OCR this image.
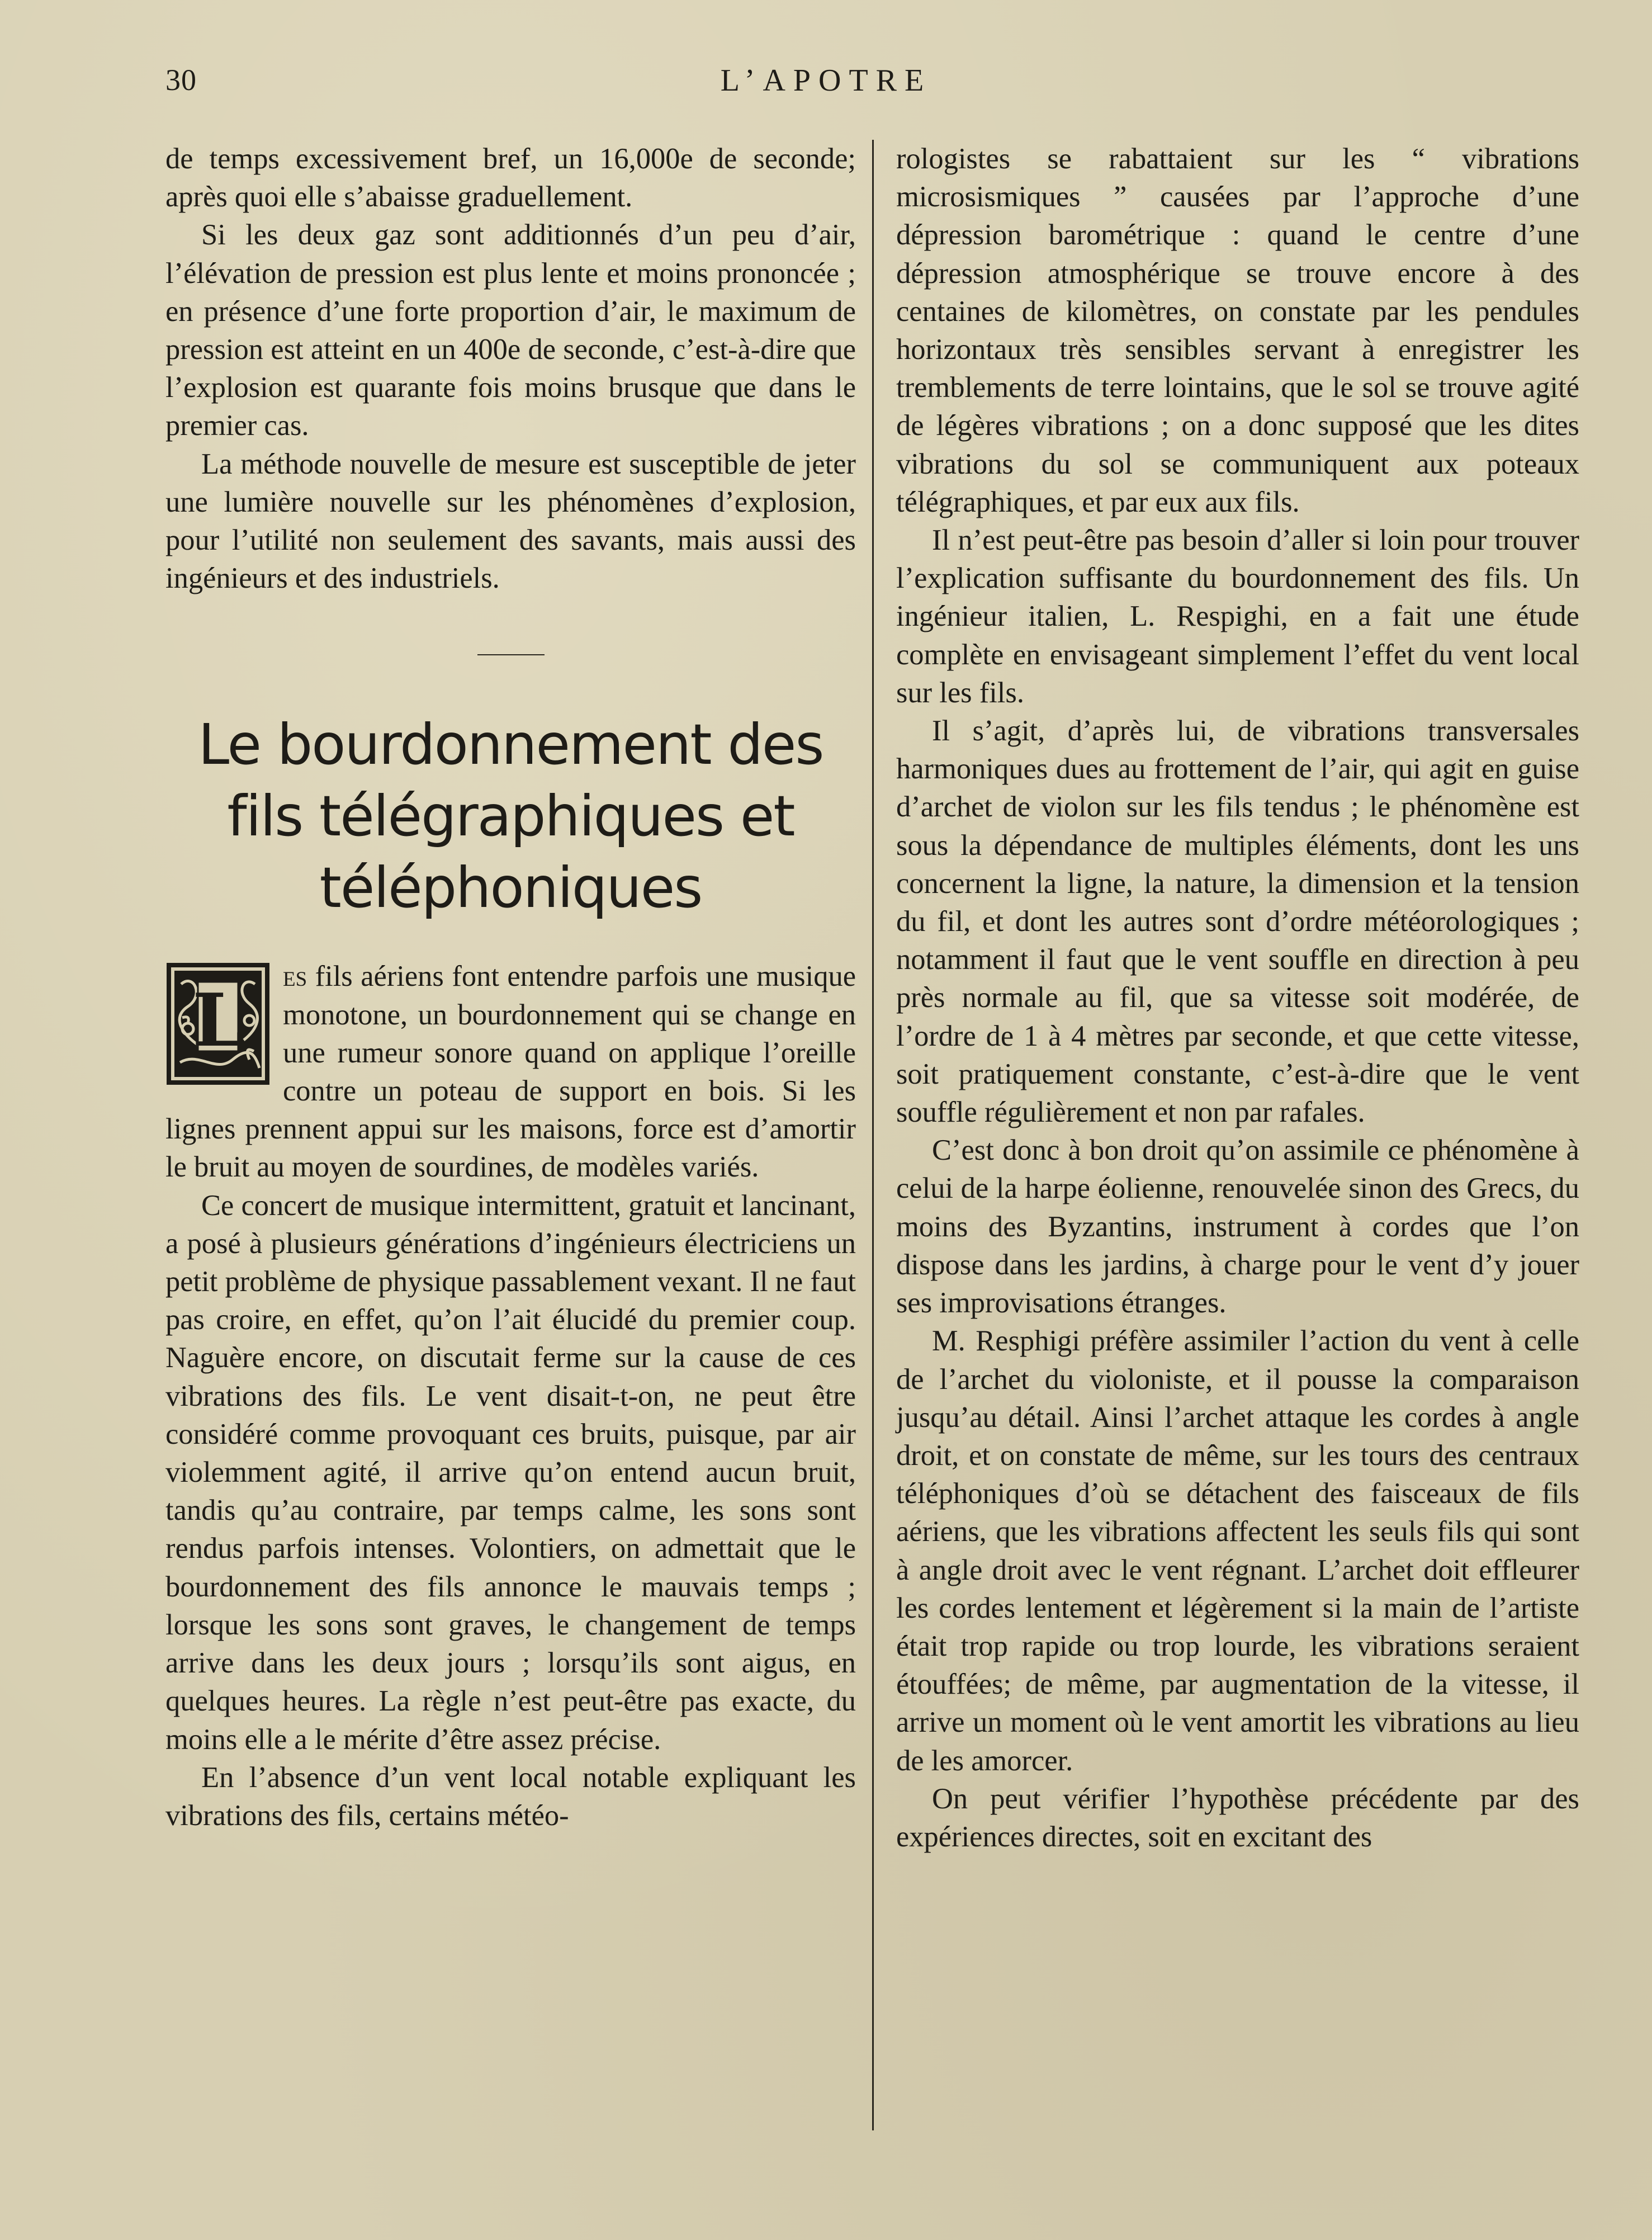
30	L’APOTRE

de temps excessivement bref, un 16,000e de seconde; après quoi elle s’abaisse graduellement.

Si les deux gaz sont additionnés d’un peu d’air, l’élévation de pression est plus lente et moins prononcée ; en présence d’une forte proportion d’air, le maximum de pression est atteint en un 400e de seconde, c’est-à-dire que l’explosion est quarante fois moins brusque que dans le premier cas.

La méthode nouvelle de mesure est susceptible de jeter une lumière nouvelle sur les phénomènes d’explosion, pour l’utilité non seulement des savants, mais aussi des ingénieurs et des industriels.

Le bourdonnement des fils télégraphiques et téléphoniques

L
es fils aériens font entendre parfois une musique monotone, un bourdonnement qui se change en une rumeur sonore quand on applique l’oreille contre un poteau de support en bois. Si les lignes prennent appui sur les maisons, force est d’amortir le bruit au moyen de sourdines, de modèles variés.

Ce concert de musique intermittent, gratuit et lancinant, a posé à plusieurs générations d’ingénieurs électriciens un petit problème de physique passablement vexant. Il ne faut pas croire, en effet, qu’on l’ait élucidé du premier coup. Naguère encore, on discutait ferme sur la cause de ces vibrations des fils. Le vent disait-t-on, ne peut être considéré comme provoquant ces bruits, puisque, par air violemment agité, il arrive qu’on entend aucun bruit, tandis qu’au contraire, par temps calme, les sons sont rendus parfois intenses. Volontiers, on admettait que le bourdonnement des fils annonce le mauvais temps ; lorsque les sons sont graves, le changement de temps arrive dans les deux jours ; lorsqu’ils sont aigus, en quelques heures. La règle n’est peut-être pas exacte, du moins elle a le mérite d’être assez précise.

En l’absence d’un vent local notable expliquant les vibrations des fils, certains météo-

rologistes se rabattaient sur les “ vibrations microsismiques ” causées par l’approche d’une dépression barométrique : quand le centre d’une dépression atmosphérique se trouve encore à des centaines de kilomètres, on constate par les pendules horizontaux très sensibles servant à enregistrer les tremblements de terre lointains, que le sol se trouve agité de légères vibrations ; on a donc supposé que les dites vibrations du sol se communiquent aux poteaux télégraphiques, et par eux aux fils.

Il n’est peut-être pas besoin d’aller si loin pour trouver l’explication suffisante du bourdonnement des fils. Un ingénieur italien, L. Respighi, en a fait une étude complète en envisageant simplement l’effet du vent local sur les fils.

Il s’agit, d’après lui, de vibrations transversales harmoniques dues au frottement de l’air, qui agit en guise d’archet de violon sur les fils tendus ; le phénomène est sous la dépendance de multiples éléments, dont les uns concernent la ligne, la nature, la dimension et la tension du fil, et dont les autres sont d’ordre météorologiques ; notamment il faut que le vent souffle en direction à peu près normale au fil, que sa vitesse soit modérée, de l’ordre de 1 à 4 mètres par seconde, et que cette vitesse, soit pratiquement constante, c’est-à-dire que le vent souffle régulièrement et non par rafales.

C’est donc à bon droit qu’on assimile ce phénomène à celui de la harpe éolienne, renouvelée sinon des Grecs, du moins des Byzantins, instrument à cordes que l’on dispose dans les jardins, à charge pour le vent d’y jouer ses improvisations étranges.

M. Resphigi préfère assimiler l’action du vent à celle de l’archet du violoniste, et il pousse la comparaison jusqu’au détail. Ainsi l’archet attaque les cordes à angle droit, et on constate de même, sur les tours des centraux téléphoniques d’où se détachent des faisceaux de fils aériens, que les vibrations affectent les seuls fils qui sont à angle droit avec le vent régnant. L’archet doit effleurer les cordes lentement et légèrement si la main de l’artiste était trop rapide ou trop lourde, les vibrations seraient étouffées; de même, par augmentation de la vitesse, il arrive un moment où le vent amortit les vibrations au lieu de les amorcer.

On peut vérifier l’hypothèse précédente par des expériences directes, soit en excitant des
